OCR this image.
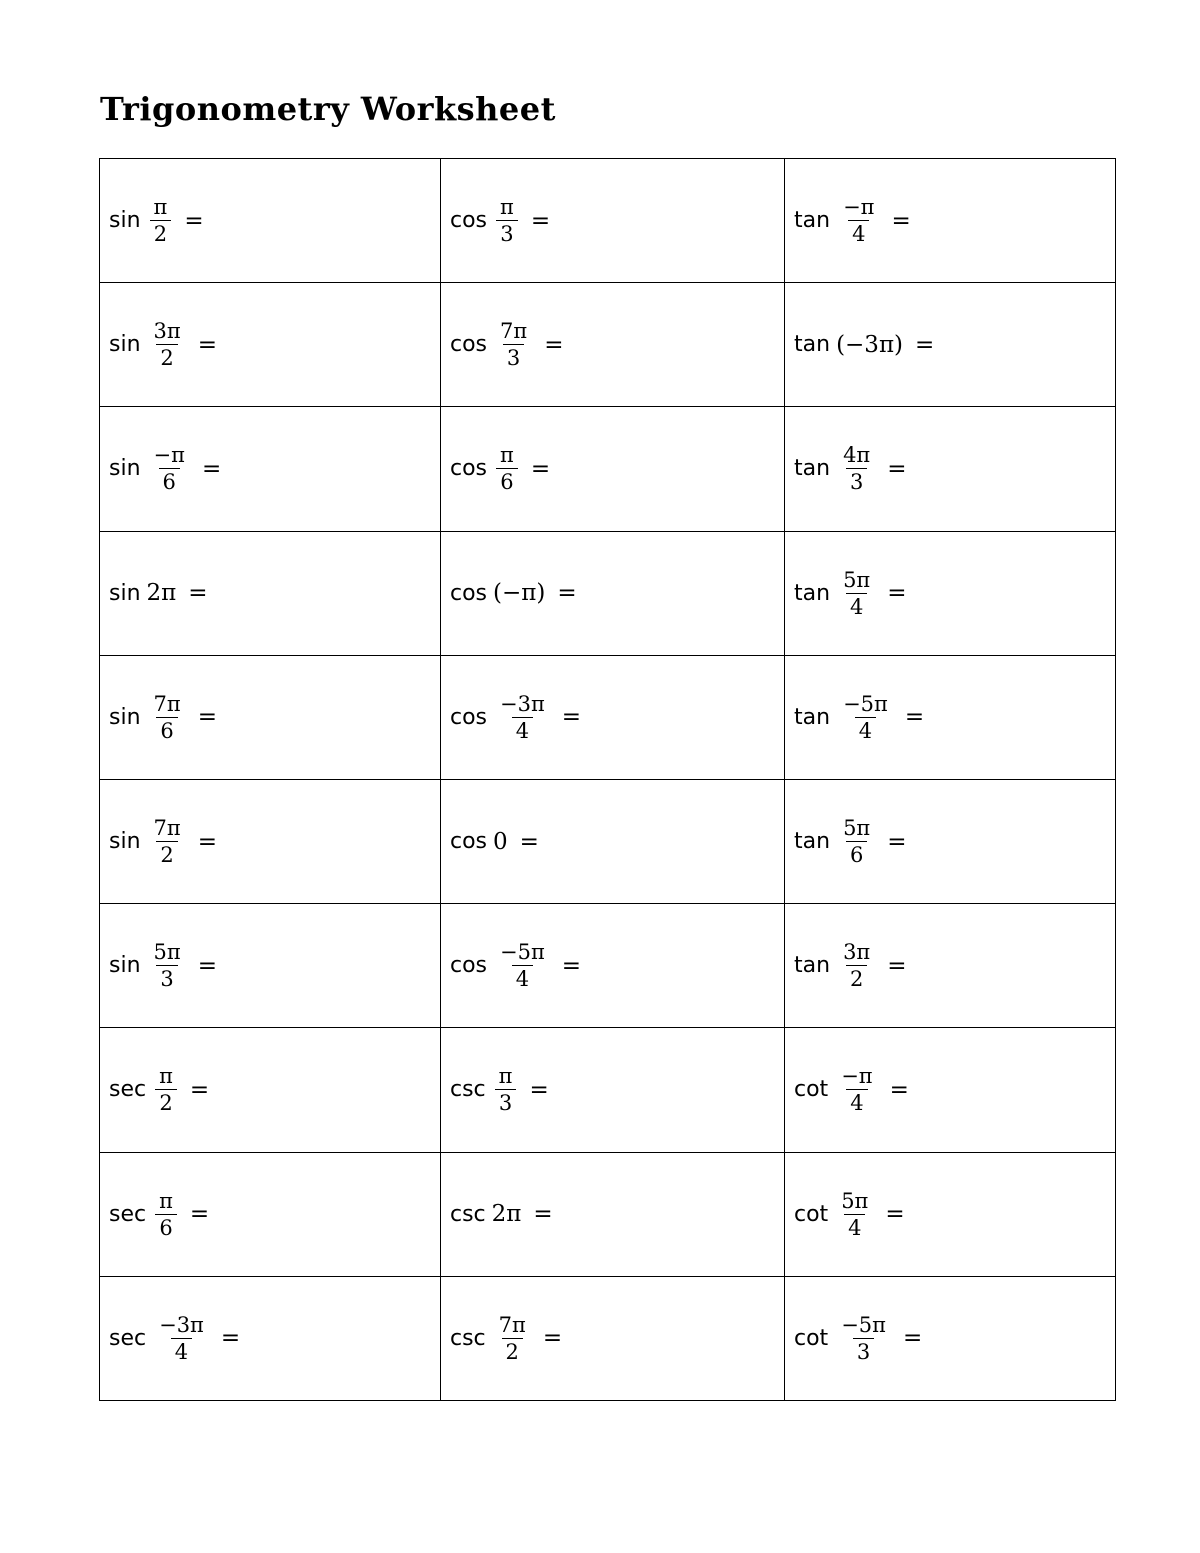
Trigonometry Worksheet
$\sin \frac{\pi}{2}$ =	$\cos \frac{\pi}{3}$ =	$\tan \frac{-\pi}{4}$ =

$\sin \frac{3\pi}{2}$ =	$\cos \frac{7\pi}{3}$ =	tan (−3π) =

$\sin \frac{-\pi}{6}$ =	$\cos \frac{\pi}{6}$ =	$\tan \frac{4\pi}{3}$ =

sin 2π =	cos (−π) =	$\tan \frac{5\pi}{4}$ =

$\sin \frac{7\pi}{6}$ =	$\cos \frac{-3\pi}{4}$ =	$\tan \frac{-5\pi}{4}$ =

$\sin \frac{7\pi}{2}$ =	cos 0 =	$\tan \frac{5\pi}{6}$ =

$\sin \frac{5\pi}{3}$ =	$\cos \frac{-5\pi}{4}$ =	$\tan \frac{3\pi}{2}$ =

$\sec \frac{\pi}{2}$ =	$\csc \frac{\pi}{3}$ =	$\cot \frac{-\pi}{4}$ =

$\sec \frac{\pi}{6}$ =	csc 2π =	$\cot \frac{5\pi}{4}$ =

$\sec \frac{-3\pi}{4}$ =	$\csc \frac{7\pi}{2}$ =	$\cot \frac{-5\pi}{3}$ =
